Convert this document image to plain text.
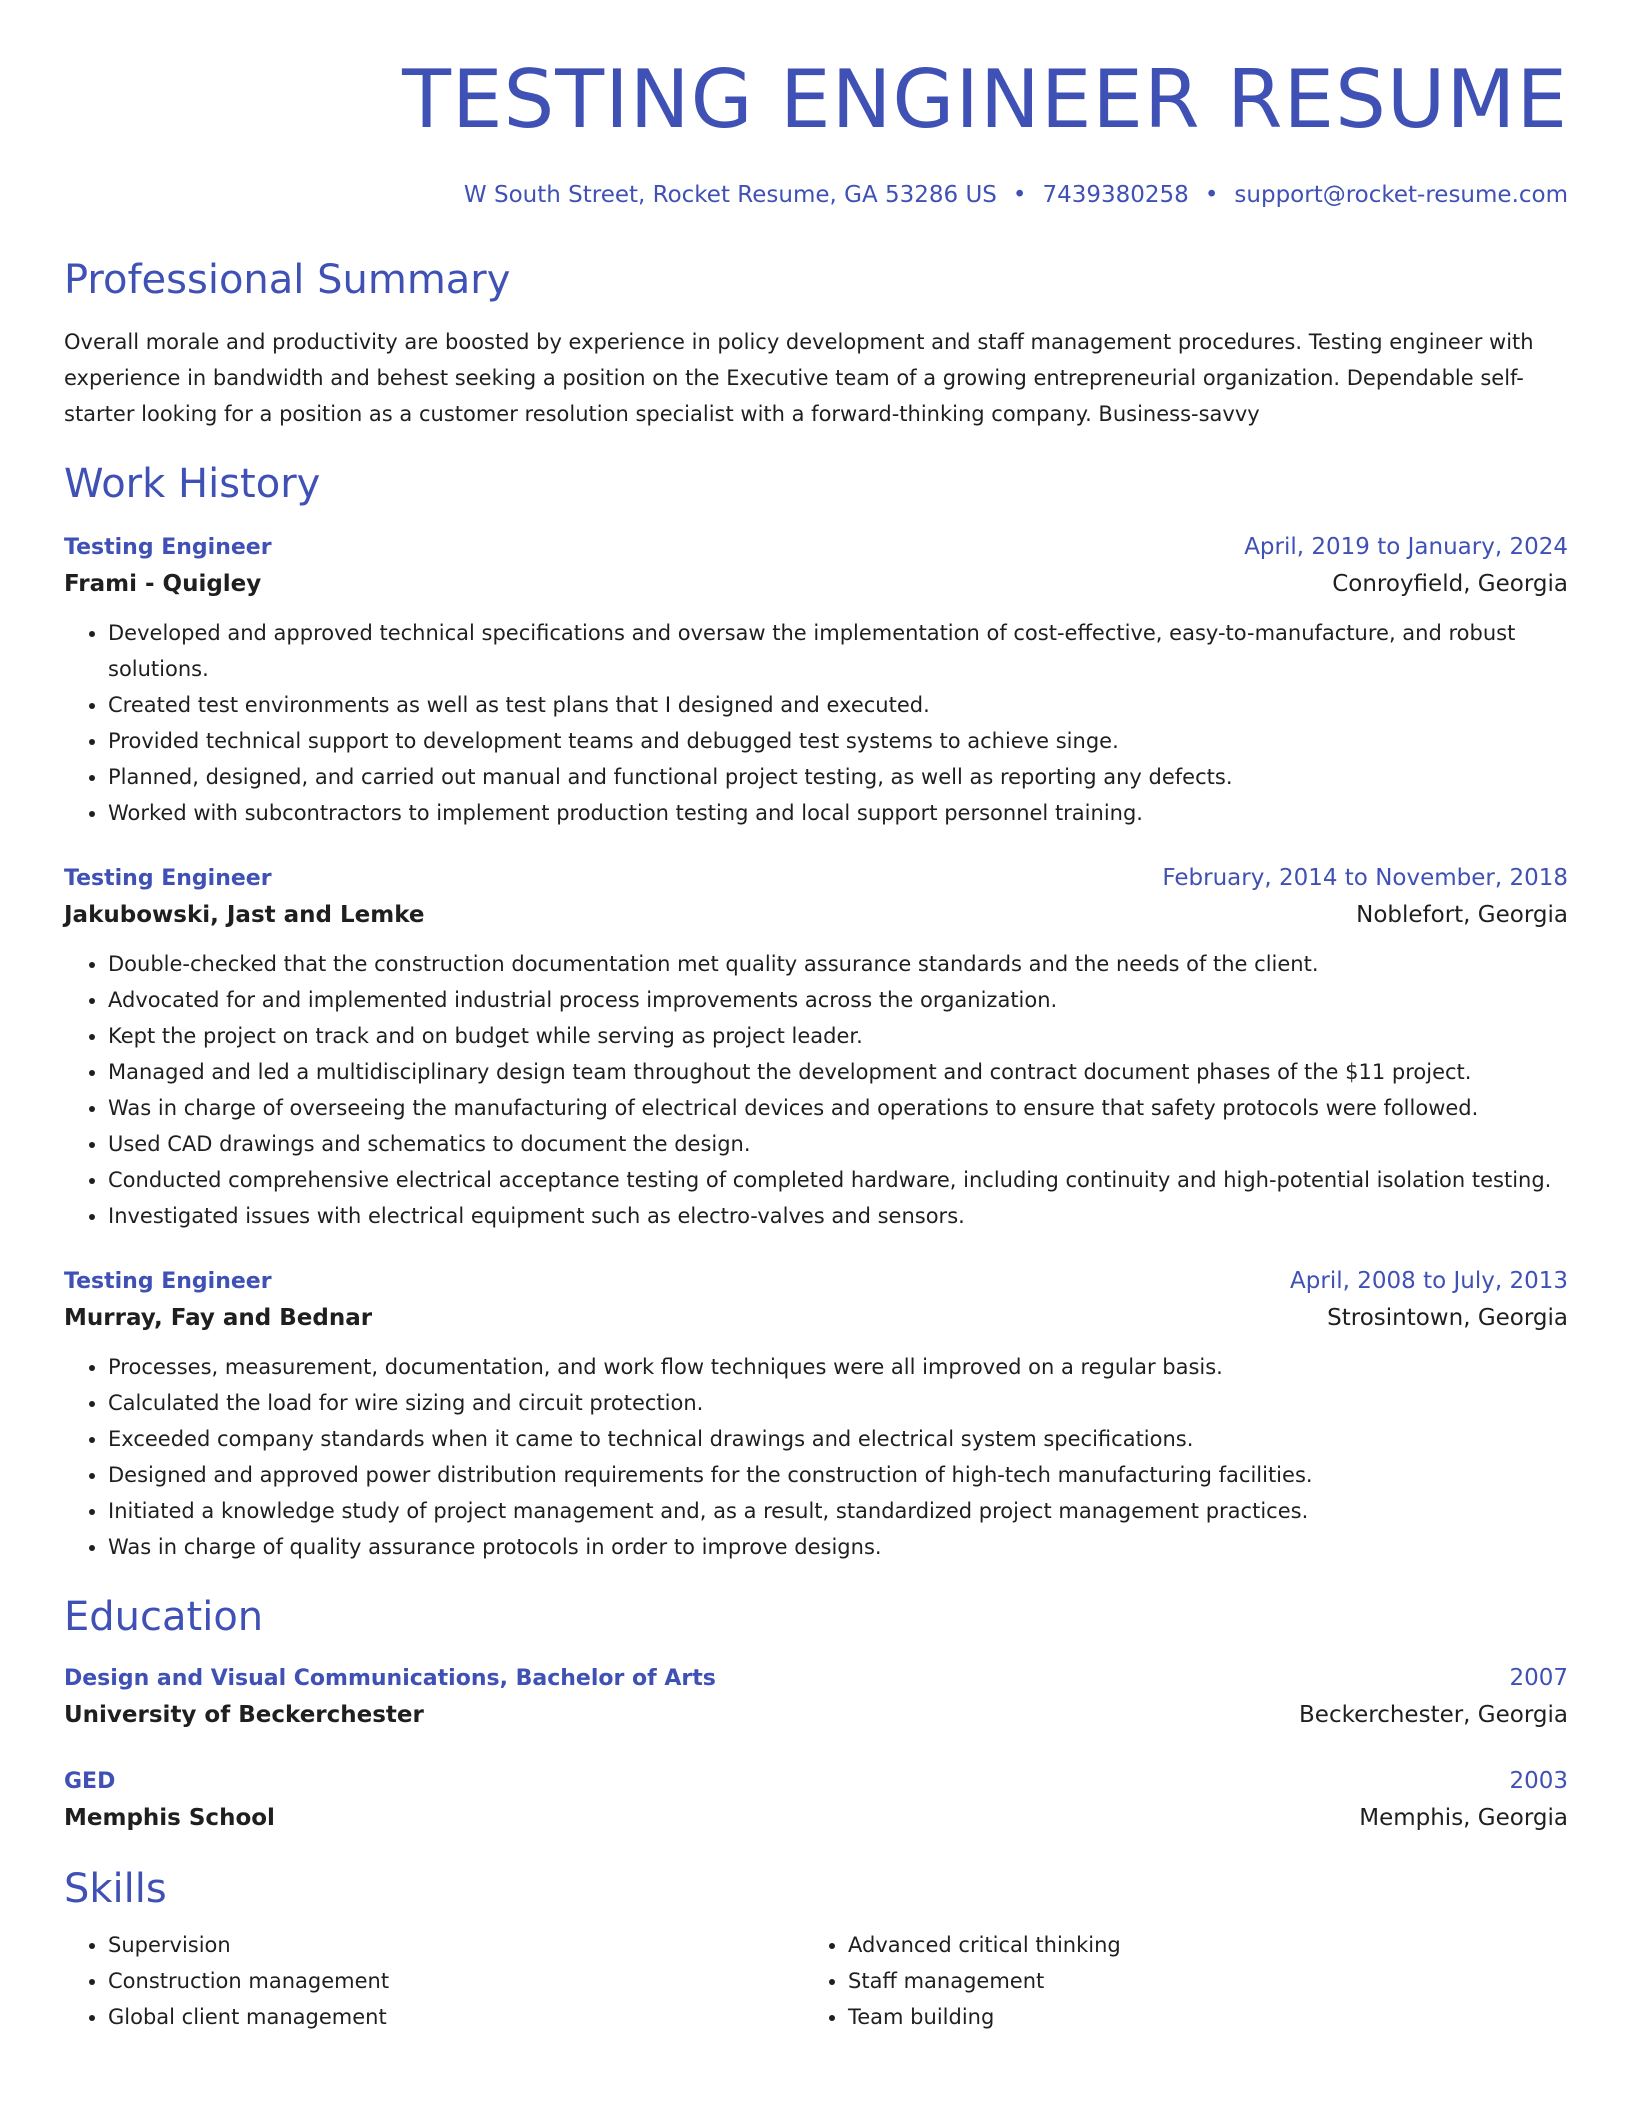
TESTING ENGINEER RESUME
W South Street, Rocket Resume, GA 53286 US • 7439380258 • support@rocket-resume.com
Professional Summary

Overall morale and productivity are boosted by experience in policy development and staff management procedures. Testing engineer with experience in bandwidth and behest seeking a position on the Executive team of a growing entrepreneurial organization. Dependable self-starter looking for a position as a customer resolution specialist with a forward-thinking company. Business-savvy

Work History
Testing Engineer	April, 2019 to January, 2024
Frami - Quigley	Conroyfield, Georgia
• Developed and approved technical specifications and oversaw the implementation of cost-effective, easy-to-manufacture, and robust solutions.
• Created test environments as well as test plans that I designed and executed.
• Provided technical support to development teams and debugged test systems to achieve singe.
• Planned, designed, and carried out manual and functional project testing, as well as reporting any defects.
• Worked with subcontractors to implement production testing and local support personnel training.
Testing Engineer	February, 2014 to November, 2018
Jakubowski, Jast and Lemke	Noblefort, Georgia
• Double-checked that the construction documentation met quality assurance standards and the needs of the client.
• Advocated for and implemented industrial process improvements across the organization.
• Kept the project on track and on budget while serving as project leader.
• Managed and led a multidisciplinary design team throughout the development and contract document phases of the $11 project.
• Was in charge of overseeing the manufacturing of electrical devices and operations to ensure that safety protocols were followed.
• Used CAD drawings and schematics to document the design.
• Conducted comprehensive electrical acceptance testing of completed hardware, including continuity and high-potential isolation testing.
• Investigated issues with electrical equipment such as electro-valves and sensors.
Testing Engineer	April, 2008 to July, 2013
Murray, Fay and Bednar	Strosintown, Georgia
• Processes, measurement, documentation, and work flow techniques were all improved on a regular basis.
• Calculated the load for wire sizing and circuit protection.
• Exceeded company standards when it came to technical drawings and electrical system specifications.
• Designed and approved power distribution requirements for the construction of high-tech manufacturing facilities.
• Initiated a knowledge study of project management and, as a result, standardized project management practices.
• Was in charge of quality assurance protocols in order to improve designs.
Education
Design and Visual Communications, Bachelor of Arts	2007
University of Beckerchester	Beckerchester, Georgia
GED	2003
Memphis School	Memphis, Georgia
Skills
• Supervision
• Construction management
• Global client management
• Advanced critical thinking
• Staff management
• Team building
